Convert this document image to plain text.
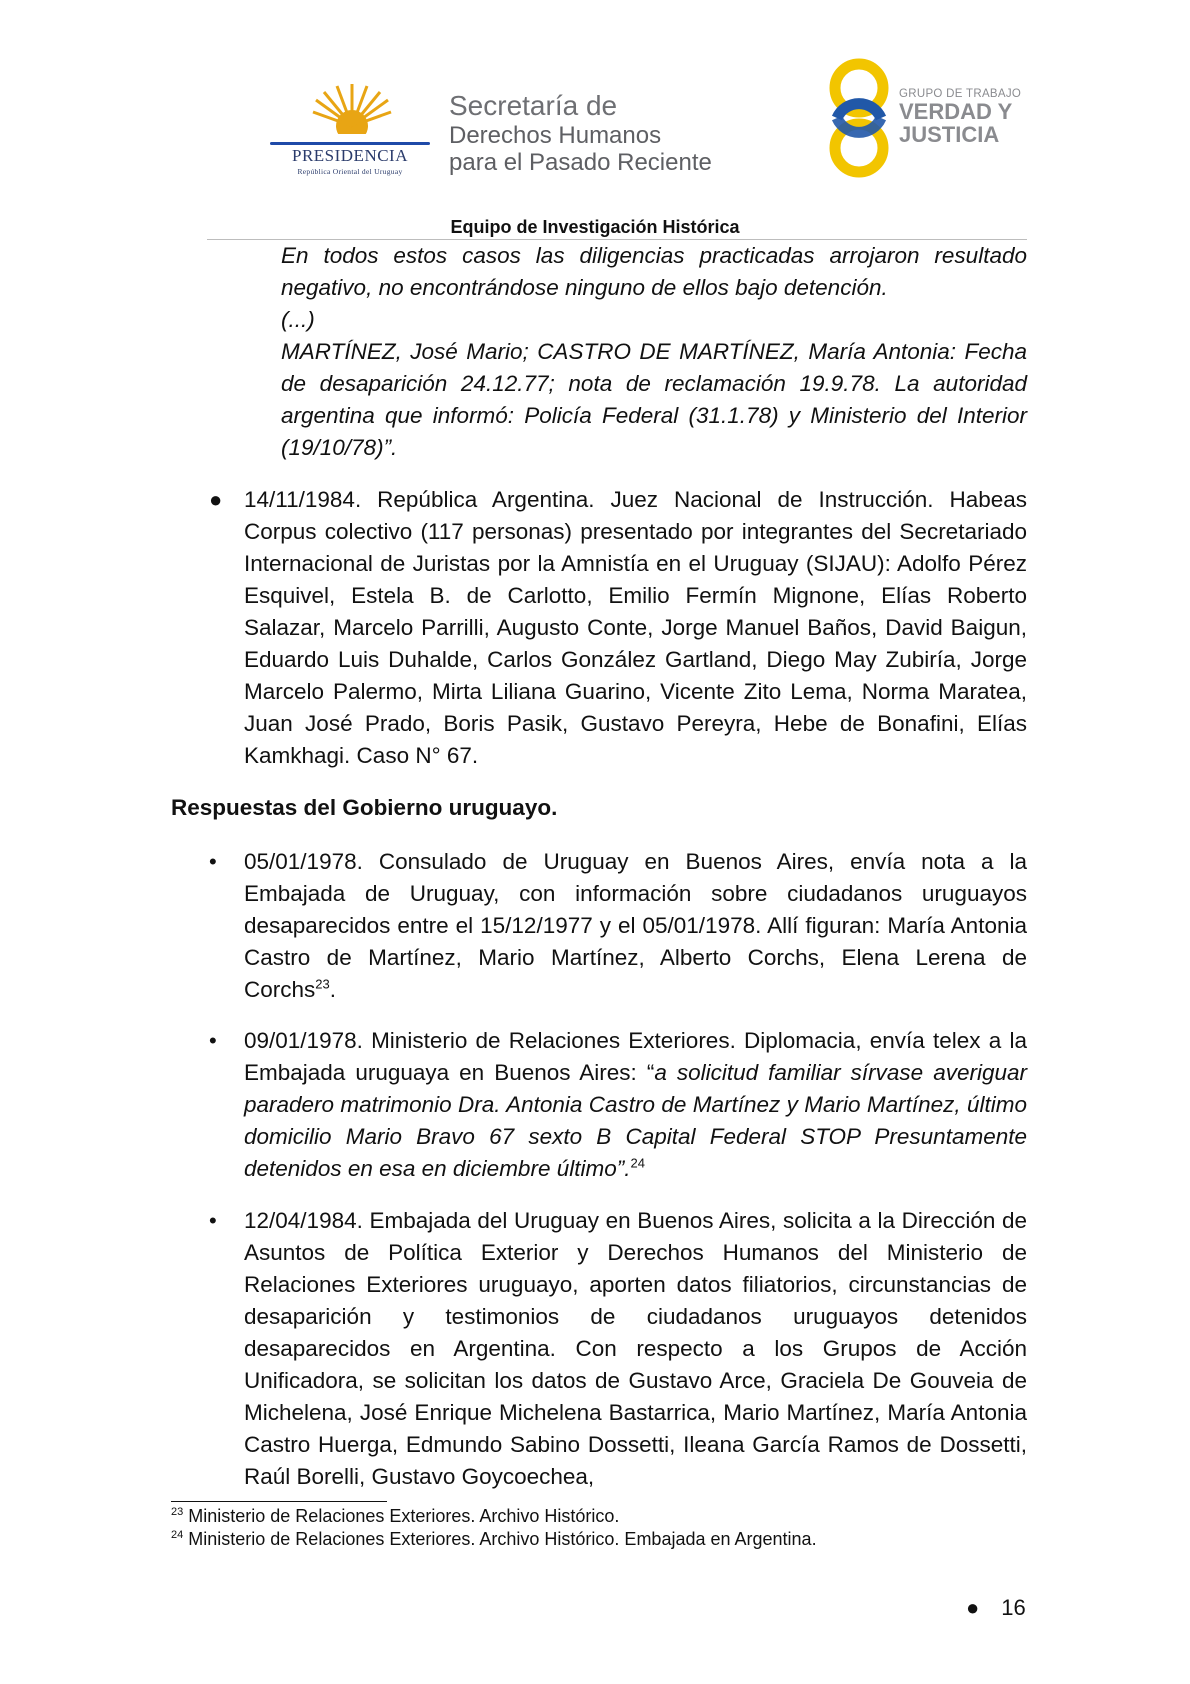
PRESIDENCIA
República Oriental del Uruguay
Secretaría de
Derechos Humanos
para el Pasado Reciente
GRUPO DE TRABAJO
VERDAD Y
JUSTICIA
Equipo de Investigación Histórica
En todos estos casos las diligencias practicadas arrojaron resultado negativo, no encontrándose ninguno de ellos bajo detención.
(...)
MARTÍNEZ, José Mario; CASTRO DE MARTÍNEZ, María Antonia: Fecha de desaparición 24.12.77; nota de reclamación 19.9.78. La autoridad argentina que informó: Policía Federal (31.1.78) y Ministerio del Interior (19/10/78)”.
● 14/11/1984. República Argentina. Juez Nacional de Instrucción. Habeas Corpus colectivo (117 personas) presentado por integrantes del Secretariado Internacional de Juristas por la Amnistía en el Uruguay (SIJAU): Adolfo Pérez Esquivel, Estela B. de Carlotto, Emilio Fermín Mignone, Elías Roberto Salazar, Marcelo Parrilli, Augusto Conte, Jorge Manuel Baños, David Baigun, Eduardo Luis Duhalde, Carlos González Gartland, Diego May Zubiría, Jorge Marcelo Palermo, Mirta Liliana Guarino, Vicente Zito Lema, Norma Maratea, Juan José Prado, Boris Pasik, Gustavo Pereyra, Hebe de Bonafini, Elías Kamkhagi. Caso N° 67.
Respuestas del Gobierno uruguayo.
• 05/01/1978. Consulado de Uruguay en Buenos Aires, envía nota a la Embajada de Uruguay, con información sobre ciudadanos uruguayos desaparecidos entre el 15/12/1977 y el 05/01/1978. Allí figuran: María Antonia Castro de Martínez, Mario Martínez, Alberto Corchs, Elena Lerena de Corchs$^{23}$.
• 09/01/1978. Ministerio de Relaciones Exteriores. Diplomacia, envía telex a la Embajada uruguaya en Buenos Aires: “a solicitud familiar sírvase averiguar paradero matrimonio Dra. Antonia Castro de Martínez y Mario Martínez, último domicilio Mario Bravo 67 sexto B Capital Federal STOP Presuntamente detenidos en esa en diciembre último”.$^{24}$
• 12/04/1984. Embajada del Uruguay en Buenos Aires, solicita a la Dirección de Asuntos de Política Exterior y Derechos Humanos del Ministerio de Relaciones Exteriores uruguayo, aporten datos filiatorios, circunstancias de desaparición y testimonios de ciudadanos uruguayos detenidos desaparecidos en Argentina. Con respecto a los Grupos de Acción Unificadora, se solicitan los datos de Gustavo Arce, Graciela De Gouveia de Michelena, José Enrique Michelena Bastarrica, Mario Martínez, María Antonia Castro Huerga, Edmundo Sabino Dossetti, Ileana García Ramos de Dossetti, Raúl Borelli, Gustavo Goycoechea,
$^{23}$ Ministerio de Relaciones Exteriores. Archivo Histórico.
$^{24}$ Ministerio de Relaciones Exteriores. Archivo Histórico. Embajada en Argentina.
● 16
